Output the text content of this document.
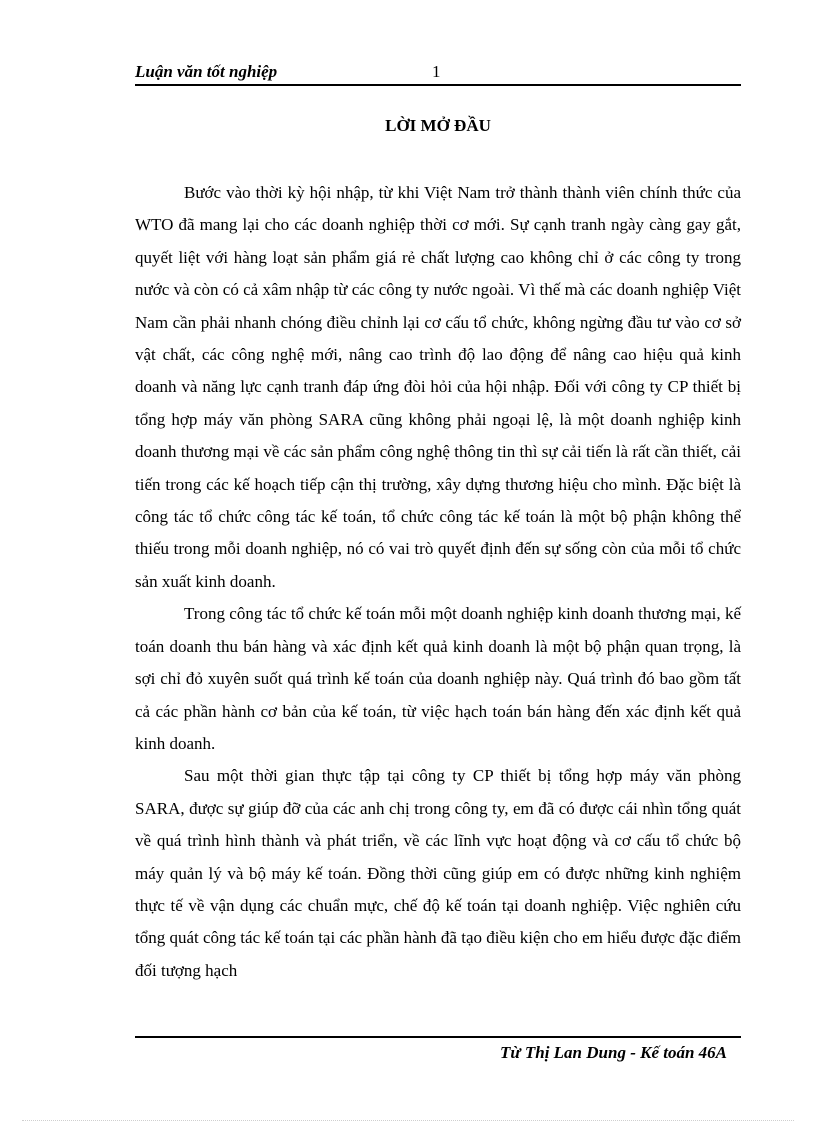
Luận văn tốt nghiệp	1
LỜI MỞ ĐẦU

Bước vào thời kỳ hội nhập, từ khi Việt Nam trở thành thành viên chính thức của WTO đã mang lại cho các doanh nghiệp thời cơ mới. Sự cạnh tranh ngày càng gay gắt, quyết liệt với hàng loạt sản phẩm giá rẻ chất lượng cao không chỉ ở các công ty trong nước và còn có cả xâm nhập từ các công ty nước ngoài. Vì thế mà các doanh nghiệp Việt Nam cần phải nhanh chóng điều chỉnh lại cơ cấu tổ chức, không ngừng đầu tư vào cơ sở vật chất, các công nghệ mới, nâng cao trình độ lao động để nâng cao hiệu quả kinh doanh và năng lực cạnh tranh đáp ứng đòi hỏi của hội nhập. Đối với công ty CP thiết bị tổng hợp máy văn phòng SARA cũng không phải ngoại lệ, là một doanh nghiệp kinh doanh thương mại về các sản phẩm công nghệ thông tin thì sự cải tiến là rất cần thiết, cải tiến trong các kế hoạch tiếp cận thị trường, xây dựng thương hiệu cho mình. Đặc biệt là công tác tổ chức công tác kế toán, tổ chức công tác kế toán là một bộ phận không thể thiếu trong mỗi doanh nghiệp, nó có vai trò quyết định đến sự sống còn của mỗi tổ chức sản xuất kinh doanh.

Trong công tác tổ chức kế toán mỗi một doanh nghiệp kinh doanh thương mại, kế toán doanh thu bán hàng và xác định kết quả kinh doanh là một bộ phận quan trọng, là sợi chỉ đỏ xuyên suốt quá trình kế toán của doanh nghiệp này. Quá trình đó bao gồm tất cả các phần hành cơ bản của kế toán, từ việc hạch toán bán hàng đến xác định kết quả kinh doanh.

Sau một thời gian thực tập tại công ty CP thiết bị tổng hợp máy văn phòng SARA, được sự giúp đỡ của các anh chị trong công ty, em đã có được cái nhìn tổng quát về quá trình hình thành và phát triển, về các lĩnh vực hoạt động và cơ cấu tổ chức bộ máy quản lý và bộ máy kế toán. Đồng thời cũng giúp em có được những kinh nghiệm thực tế về vận dụng các chuẩn mực, chế độ kế toán tại doanh nghiệp. Việc nghiên cứu tổng quát công tác kế toán tại các phần hành đã tạo điều kiện cho em hiểu được đặc điểm đối tượng hạch

Từ Thị Lan Dung - Kế toán 46A
